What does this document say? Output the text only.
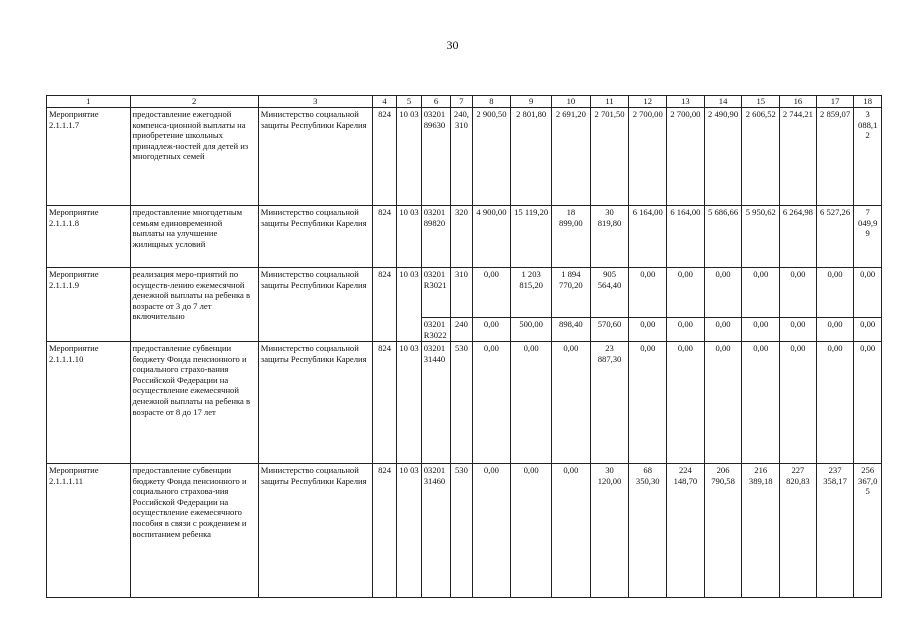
30
1	2	3	4	5	6	7	8	9	10	11	12	13	14	15	16	17	18
Мероприятие 2.1.1.1.7	предоставление ежегодной компенса-ционной выплаты на приобретение школьных принадлеж-ностей для детей из многодетных семей	Министерство социальной защиты Республики Карелия	824	10 03	03201 89630	240, 310	2 900,50	2 801,80	2 691,20	2 701,50	2 700,00	2 700,00	2 490,90	2 606,52	2 744,21	2 859,07	3 088,12
Мероприятие 2.1.1.1.8	предоставление многодетным семьям единовременной выплаты на улучшение жилищных условий	Министерство социальной защиты Республики Карелия	824	10 03	03201 89820	320	4 900,00	15 119,20	18 899,00	30 819,80	6 164,00	6 164,00	5 686,66	5 950,62	6 264,98	6 527,26	7 049,99
Мероприятие 2.1.1.1.9	реализация меро-приятий по осуществ-лению ежемесячной денежной выплаты на ребенка в возрасте от 3 до 7 лет включительно	Министерство социальной защиты Республики Карелия	824	10 03	03201 R3021	310	0,00	1 203 815,20	1 894 770,20	905 564,40	0,00	0,00	0,00	0,00	0,00	0,00	0,00
					03201 R3022	240	0,00	500,00	898,40	570,60	0,00	0,00	0,00	0,00	0,00	0,00	0,00
Мероприятие 2.1.1.1.10	предоставление субвенции бюджету Фонда пенсионного и социального страхо-вания Российской Федерации на осуществление ежемесячной денежной выплаты на ребенка в возрасте от 8 до 17 лет	Министерство социальной защиты Республики Карелия	824	10 03	03201 31440	530	0,00	0,00	0,00	23 887,30	0,00	0,00	0,00	0,00	0,00	0,00	0,00
Мероприятие 2.1.1.1.11	предоставление субвенции бюджету Фонда пенсионного и социального страхова-ния Российской Федерации на осуществление ежемесячного пособия в связи с рождением и воспитанием ребенка	Министерство социальной защиты Республики Карелия	824	10 03	03201 31460	530	0,00	0,00	0,00	30 120,00	68 350,30	224 148,70	206 790,58	216 389,18	227 820,83	237 358,17	256 367,05
